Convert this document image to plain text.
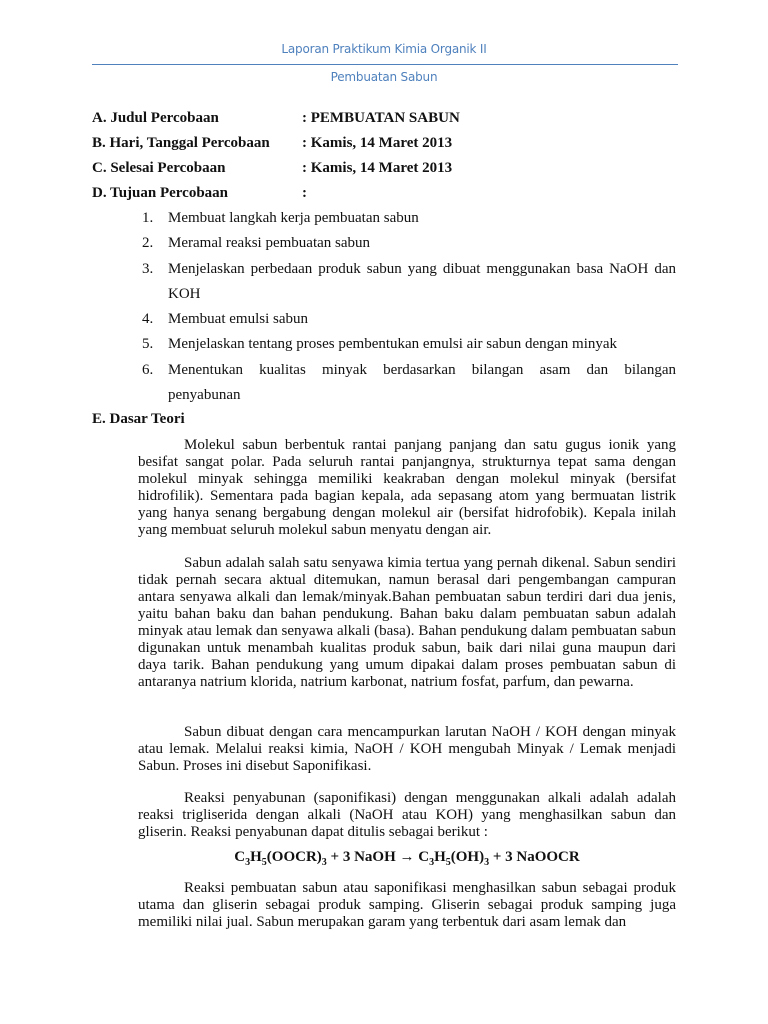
Laporan Praktikum Kimia Organik II
Pembuatan Sabun
A. Judul Percobaan	: PEMBUATAN SABUN
B. Hari, Tanggal Percobaan : Kamis, 14 Maret 2013
C. Selesai Percobaan	: Kamis, 14 Maret 2013
D. Tujuan Percobaan	:
1. Membuat langkah kerja pembuatan sabun
2. Meramal reaksi pembuatan sabun
3. Menjelaskan perbedaan produk sabun yang dibuat menggunakan basa NaOH dan
KOH
4. Membuat emulsi sabun
5. Menjelaskan tentang proses pembentukan emulsi air sabun dengan minyak
6. Menentukan kualitas minyak berdasarkan bilangan asam dan bilangan
penyabunan
E. Dasar Teori

Molekul sabun berbentuk rantai panjang panjang dan satu gugus ionik yang besifat sangat polar. Pada seluruh rantai panjangnya, strukturnya tepat sama dengan molekul minyak sehingga memiliki keakraban dengan molekul minyak (bersifat hidrofilik). Sementara pada bagian kepala, ada sepasang atom yang bermuatan listrik yang hanya senang bergabung dengan molekul air (bersifat hidrofobik). Kepala inilah yang membuat seluruh molekul sabun menyatu dengan air.

Sabun adalah salah satu senyawa kimia tertua yang pernah dikenal. Sabun sendiri tidak pernah secara aktual ditemukan, namun berasal dari pengembangan campuran antara senyawa alkali dan lemak/minyak.Bahan pembuatan sabun terdiri dari dua jenis, yaitu bahan baku dan bahan pendukung. Bahan baku dalam pembuatan sabun adalah minyak atau lemak dan senyawa alkali (basa). Bahan pendukung dalam pembuatan sabun digunakan untuk menambah kualitas produk sabun, baik dari nilai guna maupun dari daya tarik. Bahan pendukung yang umum dipakai dalam proses pembuatan sabun di antaranya natrium klorida, natrium karbonat, natrium fosfat, parfum, dan pewarna.

Sabun dibuat dengan cara mencampurkan larutan NaOH / KOH dengan minyak atau lemak. Melalui reaksi kimia, NaOH / KOH mengubah Minyak / Lemak menjadi Sabun. Proses ini disebut Saponifikasi.

Reaksi penyabunan (saponifikasi) dengan menggunakan alkali adalah adalah reaksi trigliserida dengan alkali (NaOH atau KOH) yang menghasilkan sabun dan gliserin. Reaksi penyabunan dapat ditulis sebagai berikut :

$C_3H_5(OOCR)_3 + 3$ NaOH → $C_3H_5(OH)_3 + 3$ NaOOCR

Reaksi pembuatan sabun atau saponifikasi menghasilkan sabun sebagai produk utama dan gliserin sebagai produk samping. Gliserin sebagai produk samping juga memiliki nilai jual. Sabun merupakan garam yang terbentuk dari asam lemak dan
